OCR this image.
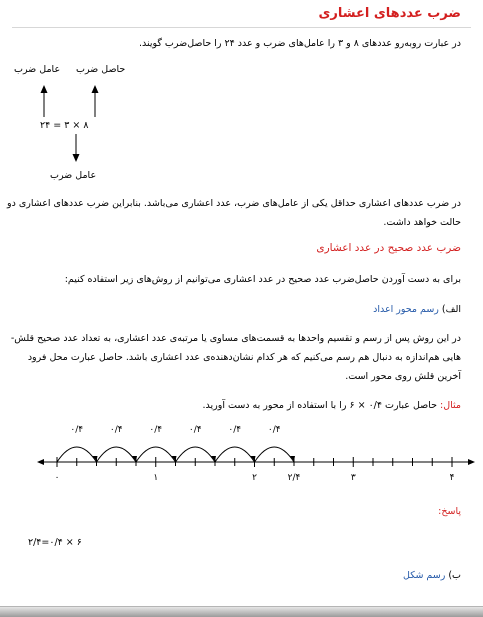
ضرب عددهای اعشاری
در عبارت روبه‌رو عددهای ۸ و ۳ را عامل‌های ضرب و عدد ۲۴ را حاصل‌ضرب گویند.
حاصل ضرب
عامل ضرب
۸ × ۳ = ۲۴
عامل ضرب
در ضرب عددهای اعشاری حداقل یکی از عامل‌های ضرب، عدد اعشاری می‌باشد. بنابراین ضرب عددهای اعشاری دو
حالت خواهد داشت.
ضرب عدد صحیح در عدد اعشاری
برای به دست آوردن حاصل‌ضرب عدد صحیح در عدد اعشاری می‌توانیم از روش‌های زیر استفاده کنیم:
الف) رسم محور اعداد
در این روش پس از رسم و تقسیم واحدها به قسمت‌های مساوی یا مرتبه‌ی عدد اعشاری، به تعداد عدد صحیح قلش-
هایی هم‌اندازه به دنبال هم رسم می‌کنیم که هر کدام نشان‌دهنده‌ی عدد اعشاری باشد. حاصل عبارت محل فرود
آخرین قلش روی محور است.
مثال: حاصل عبارت ۰/۴ × ۶ را با استفاده از محور به دست آورید.
۰	۱	۲	۲/۴	۳	۴
۰/۴	۰/۴	۰/۴	۰/۴	۰/۴	۰/۴
پاسخ:
۶ × ۰/۴=۲/۴
ب) رسم شکل
